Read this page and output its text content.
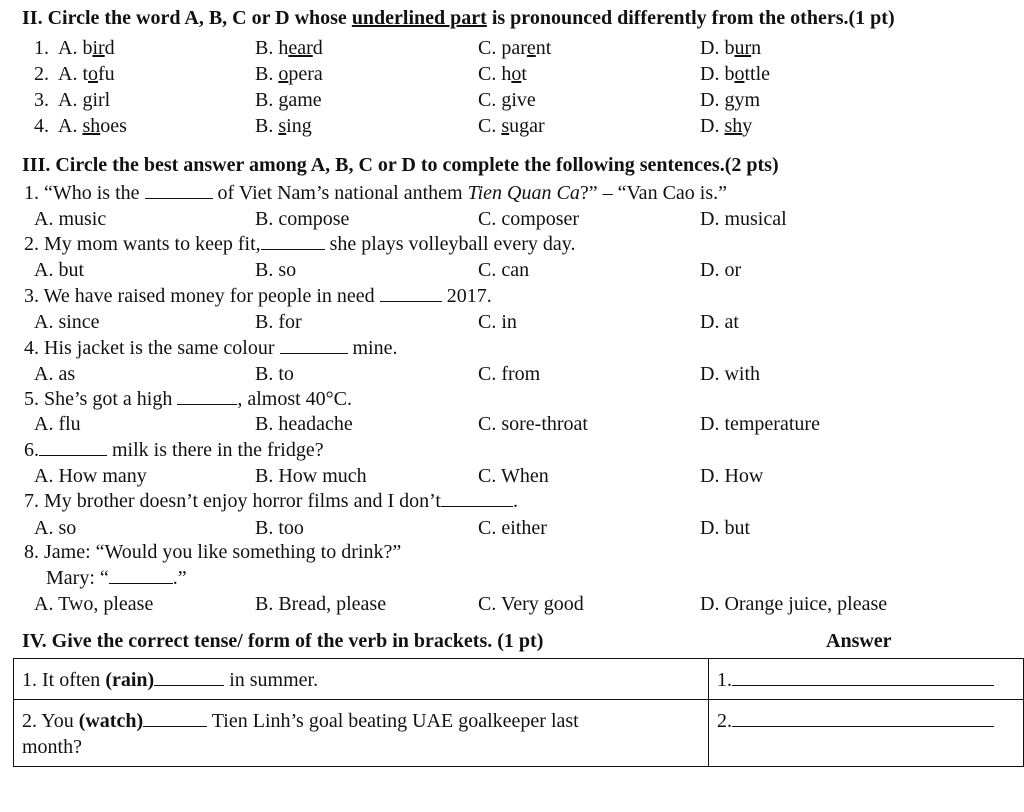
II. Circle the word A, B, C or D whose underlined part is pronounced differently from the others.(1 pt)
1. A. bird	B. heard	C. parent	D. burn
2. A. tofu	B. opera	C. hot	D. bottle
3. A. girl	B. game	C. give	D. gym
4. A. shoes	B. sing	C. sugar	D. shy
III. Circle the best answer among A, B, C or D to complete the following sentences.(2 pts)
1. “Who is the	of Viet Nam’s national anthem Tien Quan Ca?” – “Van Cao is.”
A. music	B. compose	C. composer	D. musical
2. My mom wants to keep fit,	she plays volleyball every day.
A. but	B. so	C. can	D. or
3. We have raised money for people in need	2017.
A. since	B. for	C. in	D. at
4. His jacket is the same colour	mine.
A. as	B. to	C. from	D. with
5. She’s got a high	, almost 40°C.
A. flu	B. headache	C. sore-throat	D. temperature
6.	milk is there in the fridge?
A. How many	B. How much	C. When	D. How
7. My brother doesn’t enjoy horror films and I don’t	.
A. so	B. too	C. either	D. but
8. Jame: “Would you like something to drink?”
Mary: “	.”
A. Two, please	B. Bread, please	C. Very good	D. Orange juice, please
IV. Give the correct tense/ form of the verb in brackets. (1 pt)	Answer
1. It often (rain) in summer.	1.
2. You (watch) Tien Linh’s goal beating UAE goalkeeper last
month?	2.
